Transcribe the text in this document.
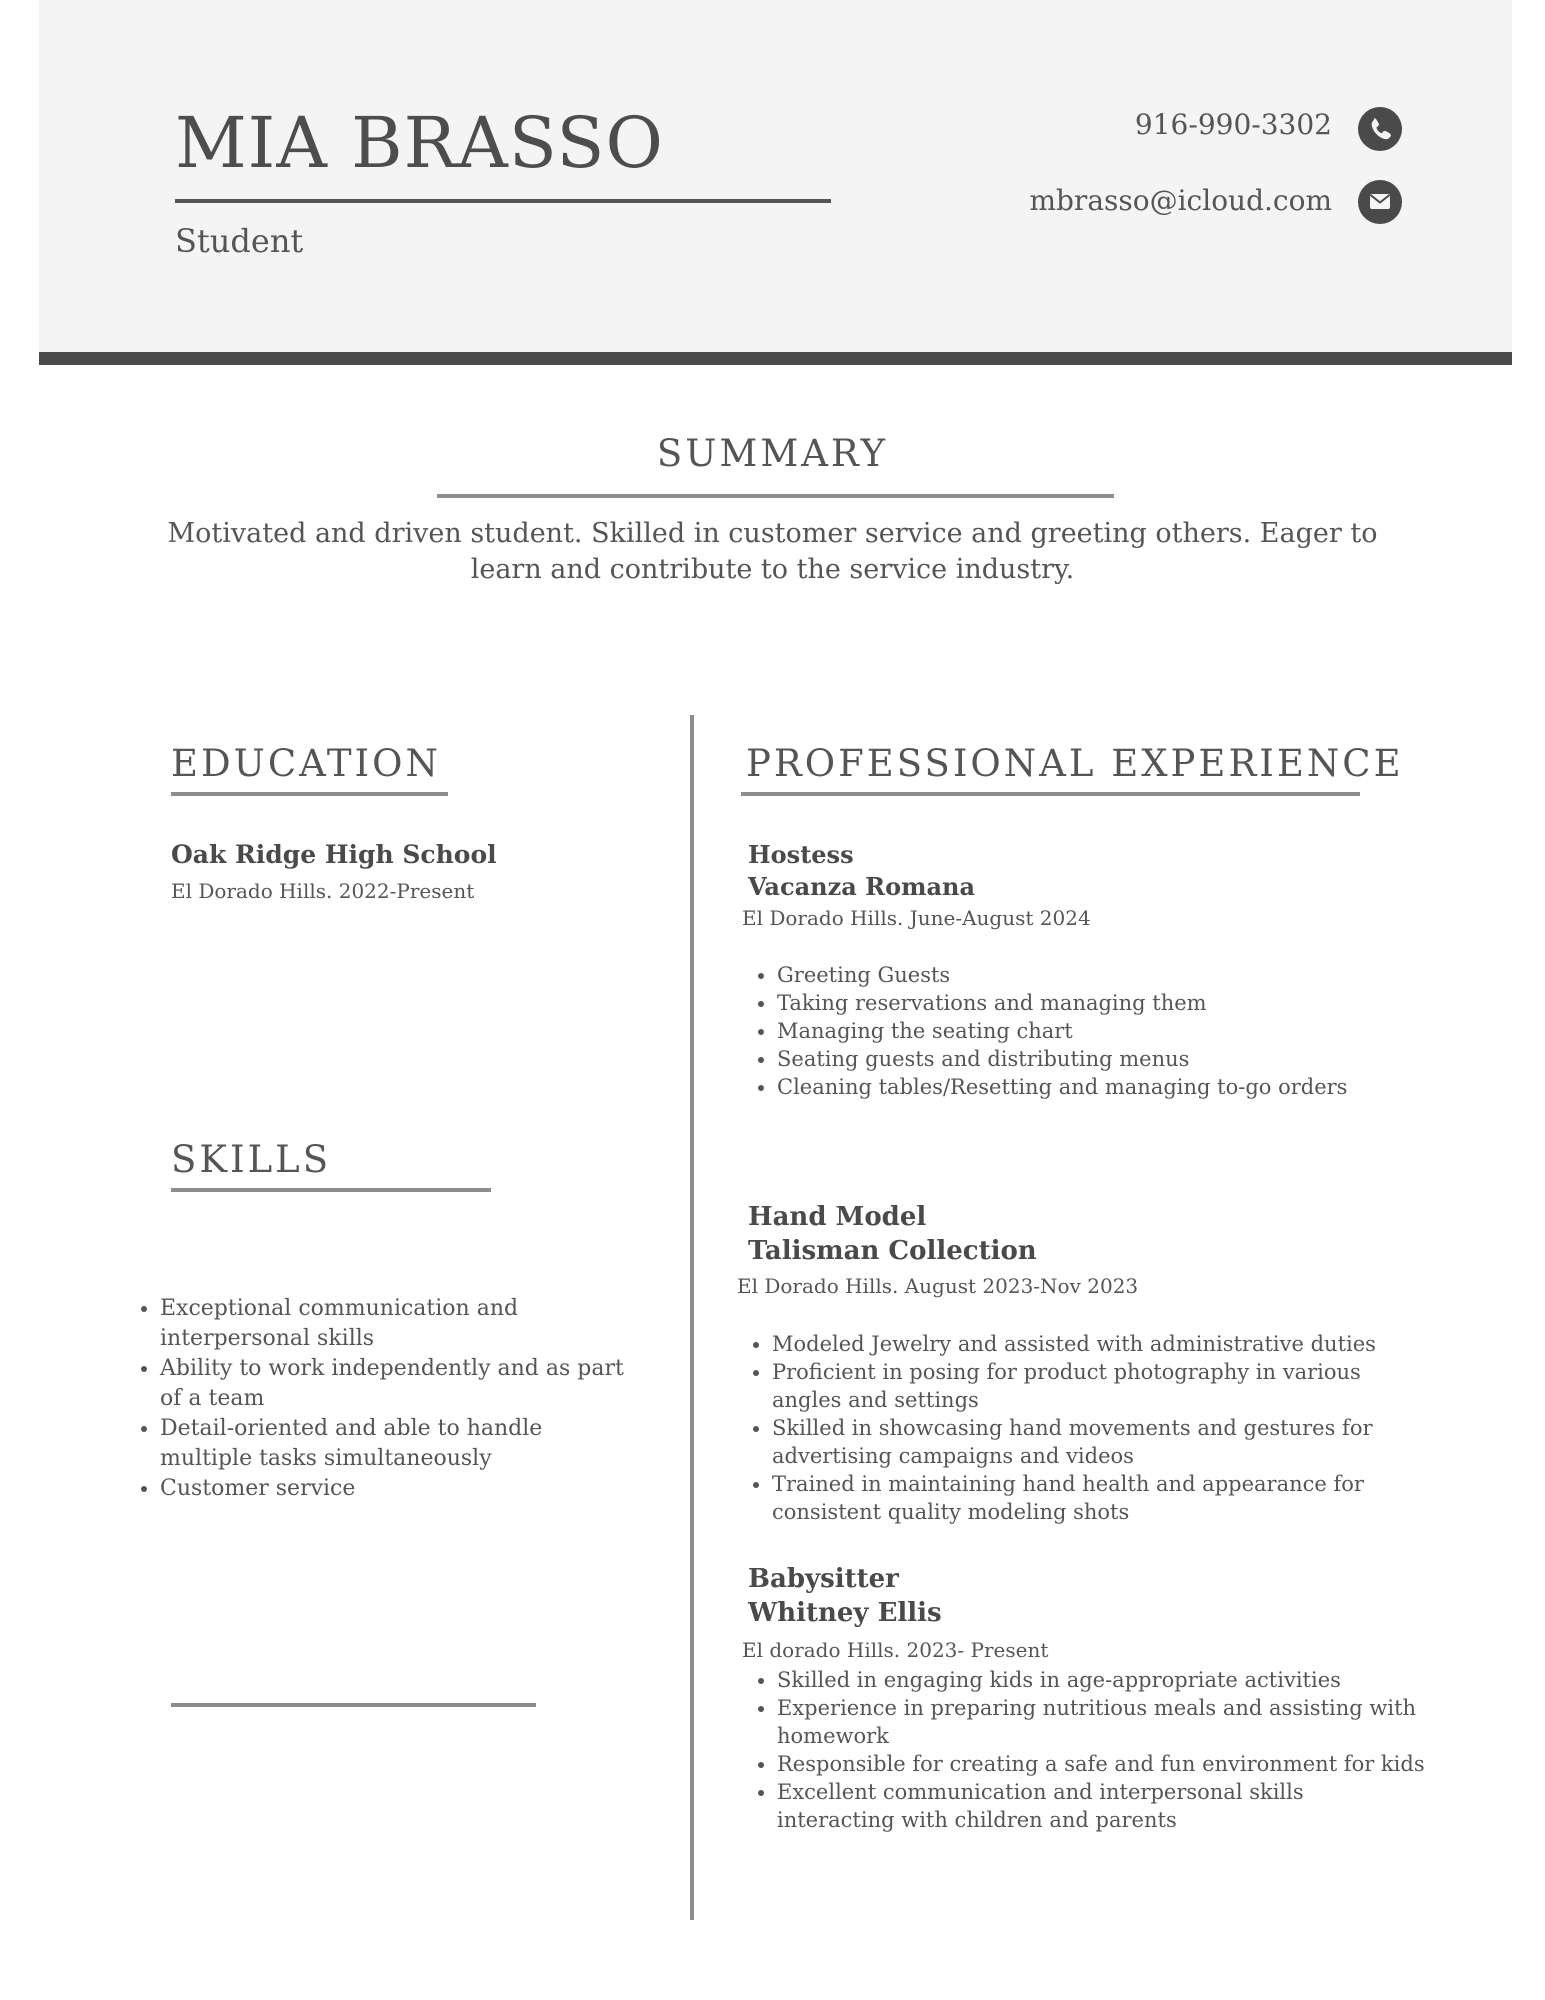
MIA BRASSO
Student
916-990-3302
mbrasso@icloud.com
SUMMARY
Motivated and driven student. Skilled in customer service and greeting others. Eager to learn and contribute to the service industry.
EDUCATION
Oak Ridge High School
El Dorado Hills. 2022-Present
SKILLS
• Exceptional communication and interpersonal skills
• Ability to work independently and as part of a team
• Detail-oriented and able to handle multiple tasks simultaneously
• Customer service
PROFESSIONAL EXPERIENCE
Hostess
Vacanza Romana
El Dorado Hills. June-August 2024
• Greeting Guests
• Taking reservations and managing them
• Managing the seating chart
• Seating guests and distributing menus
• Cleaning tables/Resetting and managing to-go orders
Hand Model
Talisman Collection
El Dorado Hills. August 2023-Nov 2023
• Modeled Jewelry and assisted with administrative duties
• Proficient in posing for product photography in various angles and settings
• Skilled in showcasing hand movements and gestures for advertising campaigns and videos
• Trained in maintaining hand health and appearance for consistent quality modeling shots
Babysitter
Whitney Ellis
El dorado Hills. 2023- Present
• Skilled in engaging kids in age-appropriate activities
• Experience in preparing nutritious meals and assisting with homework
• Responsible for creating a safe and fun environment for kids
• Excellent communication and interpersonal skills interacting with children and parents
